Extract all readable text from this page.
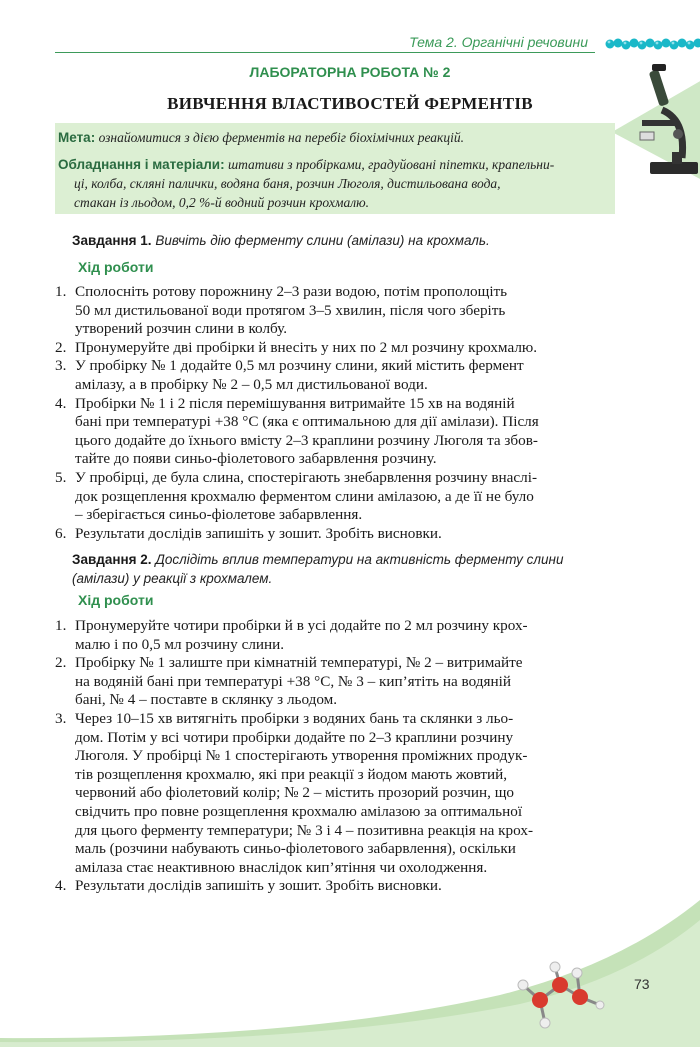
Тема 2. Органічні речовини
ЛАБОРАТОРНА РОБОТА № 2
ВИВЧЕННЯ ВЛАСТИВОСТЕЙ ФЕРМЕНТІВ
Мета: ознайомитися з дією ферментів на перебіг біохімічних реакцій.
Обладнання і матеріали: штативи з пробірками, градуйовані піпетки, крапельни-
ці, колба, скляні палички, водяна баня, розчин Люголя, дистильована вода,
стакан із льодом, 0,2 %-й водний розчин крохмалю.
Завдання 1. Вивчіть дію ферменту слини (амілази) на крохмаль.
Хід роботи
1. Сполосніть ротову порожнину 2–3 рази водою, потім прополощіть
50 мл дистильованої води протягом 3–5 хвилин, після чого зберіть
утворений розчин слини в колбу.
2. Пронумеруйте дві пробірки й внесіть у них по 2 мл розчину крохмалю.
3. У пробірку № 1 додайте 0,5 мл розчину слини, який містить фермент
амілазу, а в пробірку № 2 – 0,5 мл дистильованої води.
4. Пробірки № 1 і 2 після перемішування витримайте 15 хв на водяній
бані при температурі +38 °С (яка є оптимальною для дії амілази). Після
цього додайте до їхнього вмісту 2–3 краплини розчину Люголя та збов-
тайте до появи синьо-фіолетового забарвлення розчину.
5. У пробірці, де була слина, спостерігають знебарвлення розчину внаслі-
док розщеплення крохмалю ферментом слини амілазою, а де її не було
– зберігається синьо-фіолетове забарвлення.
6. Результати дослідів запишіть у зошит. Зробіть висновки.
Завдання 2. Дослідіть вплив температури на активність ферменту слини
(амілази) у реакції з крохмалем.
Хід роботи
1. Пронумеруйте чотири пробірки й в усі додайте по 2 мл розчину крох-
малю і по 0,5 мл розчину слини.
2. Пробірку № 1 залиште при кімнатній температурі, № 2 – витримайте
на водяній бані при температурі +38 °С, № 3 – кип’ятіть на водяній
бані, № 4 – поставте в склянку з льодом.
3. Через 10–15 хв витягніть пробірки з водяних бань та склянки з льо-
дом. Потім у всі чотири пробірки додайте по 2–3 краплини розчину
Люголя. У пробірці № 1 спостерігають утворення проміжних продук-
тів розщеплення крохмалю, які при реакції з йодом мають жовтий,
червоний або фіолетовий колір; № 2 – містить прозорий розчин, що
свідчить про повне розщеплення крохмалю амілазою за оптимальної
для цього ферменту температури; № 3 і 4 – позитивна реакція на крох-
маль (розчини набувають синьо-фіолетового забарвлення), оскільки
амілаза стає неактивною внаслідок кип’ятіння чи охолодження.
4. Результати дослідів запишіть у зошит. Зробіть висновки.
73
